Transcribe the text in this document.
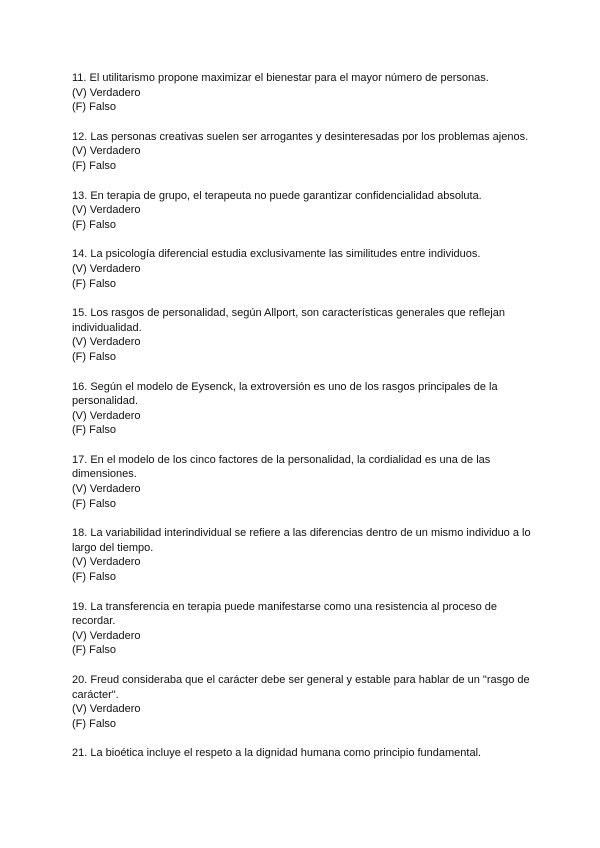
11. El utilitarismo propone maximizar el bienestar para el mayor número de personas.
(V) Verdadero
(F) Falso
12. Las personas creativas suelen ser arrogantes y desinteresadas por los problemas ajenos.
(V) Verdadero
(F) Falso
13. En terapia de grupo, el terapeuta no puede garantizar confidencialidad absoluta.
(V) Verdadero
(F) Falso
14. La psicología diferencial estudia exclusivamente las similitudes entre individuos.
(V) Verdadero
(F) Falso
15. Los rasgos de personalidad, según Allport, son características generales que reflejan individualidad.
(V) Verdadero
(F) Falso
16. Según el modelo de Eysenck, la extroversión es uno de los rasgos principales de la personalidad.
(V) Verdadero
(F) Falso
17. En el modelo de los cinco factores de la personalidad, la cordialidad es una de las dimensiones.
(V) Verdadero
(F) Falso
18. La variabilidad interindividual se refiere a las diferencias dentro de un mismo individuo a lo largo del tiempo.
(V) Verdadero
(F) Falso
19. La transferencia en terapia puede manifestarse como una resistencia al proceso de recordar.
(V) Verdadero
(F) Falso
20. Freud consideraba que el carácter debe ser general y estable para hablar de un "rasgo de carácter".
(V) Verdadero
(F) Falso
21. La bioética incluye el respeto a la dignidad humana como principio fundamental.
